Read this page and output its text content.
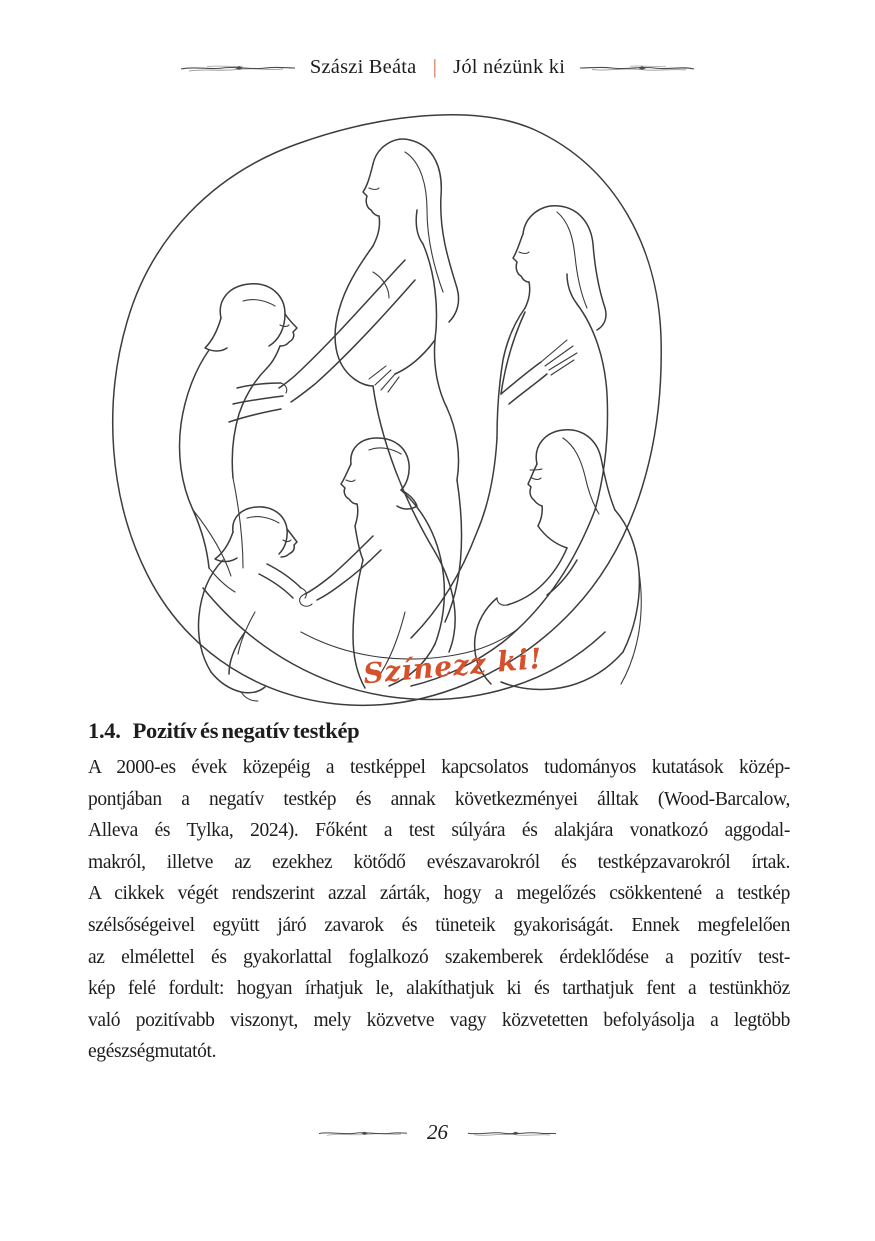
Szászi Beáta | Jól nézünk ki
Színezz ki!
1.4. Pozitív és negatív testkép
A 2000-es évek közepéig a testképpel kapcsolatos tudományos kutatások közép-
pontjában a negatív testkép és annak következményei álltak (Wood-Barcalow,
Alleva és Tylka, 2024). Főként a test súlyára és alakjára vonatkozó aggodal-
makról, illetve az ezekhez kötődő evészavarokról és testképzavarokról írtak.
A cikkek végét rendszerint azzal zárták, hogy a megelőzés csökkentené a testkép
szélsőségeivel együtt járó zavarok és tüneteik gyakoriságát. Ennek megfelelően
az elmélettel és gyakorlattal foglalkozó szakemberek érdeklődése a pozitív test-
kép felé fordult: hogyan írhatjuk le, alakíthatjuk ki és tarthatjuk fent a testünkhöz
való pozitívabb viszonyt, mely közvetve vagy közvetetten befolyásolja a legtöbb
egészségmutatót.
26
